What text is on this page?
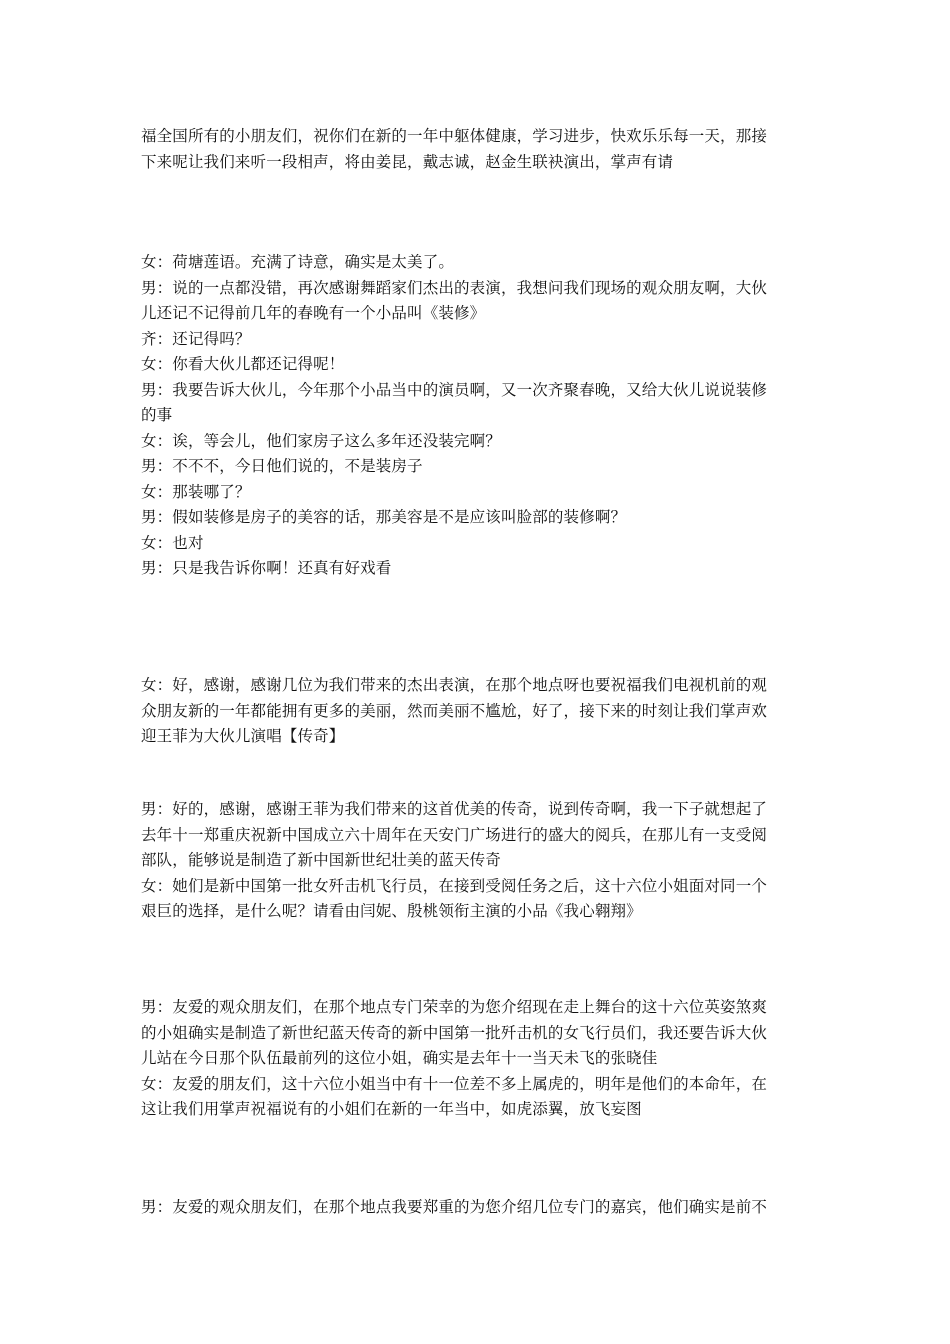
福全国所有的小朋友们，祝你们在新的一年中躯体健康，学习进步，快欢乐乐每一天，那接
下来呢让我们来听一段相声，将由姜昆，戴志诚，赵金生联袂演出，掌声有请
女：荷塘莲语。充满了诗意，确实是太美了。
男：说的一点都没错，再次感谢舞蹈家们杰出的表演，我想问我们现场的观众朋友啊，大伙
儿还记不记得前几年的春晚有一个小品叫《装修》
齐：还记得吗？
女：你看大伙儿都还记得呢！
男：我要告诉大伙儿，今年那个小品当中的演员啊，又一次齐聚春晚，又给大伙儿说说装修
的事
女：诶，等会儿，他们家房子这么多年还没装完啊？
男：不不不，今日他们说的，不是装房子
女：那装哪了？
男：假如装修是房子的美容的话，那美容是不是应该叫脸部的装修啊？
女：也对
男：只是我告诉你啊！还真有好戏看
女：好，感谢，感谢几位为我们带来的杰出表演，在那个地点呀也要祝福我们电视机前的观
众朋友新的一年都能拥有更多的美丽，然而美丽不尴尬，好了，接下来的时刻让我们掌声欢
迎王菲为大伙儿演唱【传奇】
男：好的，感谢，感谢王菲为我们带来的这首优美的传奇，说到传奇啊，我一下子就想起了
去年十一郑重庆祝新中国成立六十周年在天安门广场进行的盛大的阅兵，在那儿有一支受阅
部队，能够说是制造了新中国新世纪壮美的蓝天传奇
女：她们是新中国第一批女歼击机飞行员，在接到受阅任务之后，这十六位小姐面对同一个
艰巨的选择，是什么呢？请看由闫妮、殷桃领衔主演的小品《我心翱翔》
男：友爱的观众朋友们，在那个地点专门荣幸的为您介绍现在走上舞台的这十六位英姿煞爽
的小姐确实是制造了新世纪蓝天传奇的新中国第一批歼击机的女飞行员们，我还要告诉大伙
儿站在今日那个队伍最前列的这位小姐，确实是去年十一当天未飞的张晓佳
女：友爱的朋友们，这十六位小姐当中有十一位差不多上属虎的，明年是他们的本命年，在
这让我们用掌声祝福说有的小姐们在新的一年当中，如虎添翼，放飞妄图
男：友爱的观众朋友们，在那个地点我要郑重的为您介绍几位专门的嘉宾，他们确实是前不
